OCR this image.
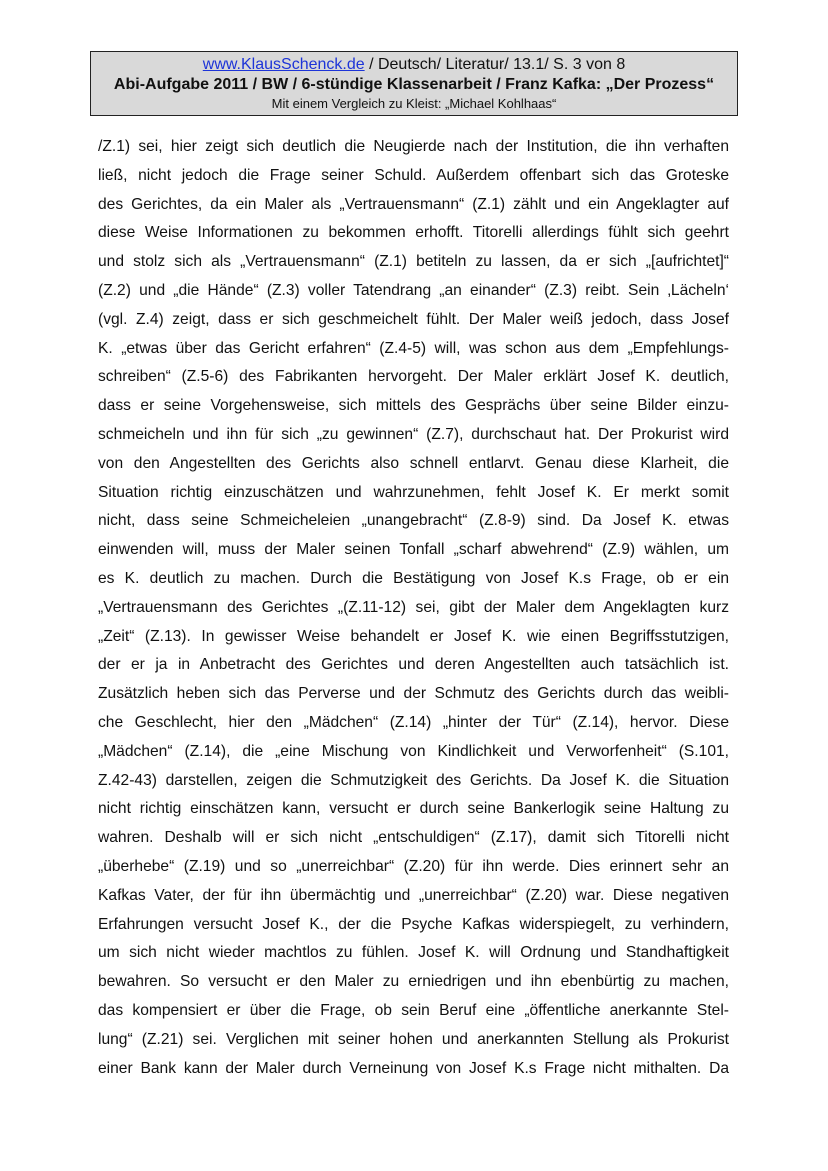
www.KlausSchenck.de / Deutsch/ Literatur/ 13.1/ S. 3 von 8
Abi-Aufgabe 2011 / BW / 6-stündige Klassenarbeit / Franz Kafka: „Der Prozess“
Mit einem Vergleich zu Kleist: „Michael Kohlhaas“
/Z.1) sei, hier zeigt sich deutlich die Neugierde nach der Institution, die ihn verhaften
ließ, nicht jedoch die Frage seiner Schuld. Außerdem offenbart sich das Groteske
des Gerichtes, da ein Maler als „Vertrauensmann“ (Z.1) zählt und ein Angeklagter auf
diese Weise Informationen zu bekommen erhofft. Titorelli allerdings fühlt sich geehrt
und stolz sich als „Vertrauensmann“ (Z.1) betiteln zu lassen, da er sich „[aufrichtet]“
(Z.2) und „die Hände“ (Z.3) voller Tatendrang „an einander“ (Z.3) reibt. Sein ‚Lächeln‘
(vgl. Z.4) zeigt, dass er sich geschmeichelt fühlt. Der Maler weiß jedoch, dass Josef
K. „etwas über das Gericht erfahren“ (Z.4-5) will, was schon aus dem „Empfehlungs-
schreiben“ (Z.5-6) des Fabrikanten hervorgeht. Der Maler erklärt Josef K. deutlich,
dass er seine Vorgehensweise, sich mittels des Gesprächs über seine Bilder einzu-
schmeicheln und ihn für sich „zu gewinnen“ (Z.7), durchschaut hat. Der Prokurist wird
von den Angestellten des Gerichts also schnell entlarvt. Genau diese Klarheit, die
Situation richtig einzuschätzen und wahrzunehmen, fehlt Josef K. Er merkt somit
nicht, dass seine Schmeicheleien „unangebracht“ (Z.8-9) sind. Da Josef K. etwas
einwenden will, muss der Maler seinen Tonfall „scharf abwehrend“ (Z.9) wählen, um
es K. deutlich zu machen. Durch die Bestätigung von Josef K.s Frage, ob er ein
„Vertrauensmann des Gerichtes „(Z.11-12) sei, gibt der Maler dem Angeklagten kurz
„Zeit“ (Z.13). In gewisser Weise behandelt er Josef K. wie einen Begriffsstutzigen,
der er ja in Anbetracht des Gerichtes und deren Angestellten auch tatsächlich ist.
Zusätzlich heben sich das Perverse und der Schmutz des Gerichts durch das weibli-
che Geschlecht, hier den „Mädchen“ (Z.14) „hinter der Tür“ (Z.14), hervor. Diese
„Mädchen“ (Z.14), die „eine Mischung von Kindlichkeit und Verworfenheit“ (S.101,
Z.42-43) darstellen, zeigen die Schmutzigkeit des Gerichts. Da Josef K. die Situation
nicht richtig einschätzen kann, versucht er durch seine Bankerlogik seine Haltung zu
wahren. Deshalb will er sich nicht „entschuldigen“ (Z.17), damit sich Titorelli nicht
„überhebe“ (Z.19) und so „unerreichbar“ (Z.20) für ihn werde. Dies erinnert sehr an
Kafkas Vater, der für ihn übermächtig und „unerreichbar“ (Z.20) war. Diese negativen
Erfahrungen versucht Josef K., der die Psyche Kafkas widerspiegelt, zu verhindern,
um sich nicht wieder machtlos zu fühlen. Josef K. will Ordnung und Standhaftigkeit
bewahren. So versucht er den Maler zu erniedrigen und ihn ebenbürtig zu machen,
das kompensiert er über die Frage, ob sein Beruf eine „öffentliche anerkannte Stel-
lung“ (Z.21) sei. Verglichen mit seiner hohen und anerkannten Stellung als Prokurist
einer Bank kann der Maler durch Verneinung von Josef K.s Frage nicht mithalten. Da
